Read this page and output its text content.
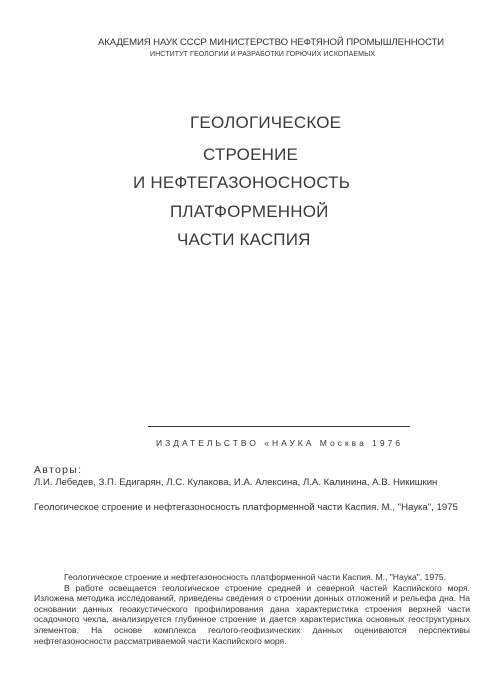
АКАДЕМИЯ НАУК СССР МИНИСТЕРСТВО НЕФТЯНОЙ ПРОМЫШЛЕННОСТИ
ИНСТИТУТ ГЕОЛОГИИ И РАЗРАБОТКИ ГОРЮЧИХ ИСКОПАЕМЫХ
ГЕОЛОГИЧЕСКОЕ
СТРОЕНИЕ
И НЕФТЕГАЗОНОСНОСТЬ
ПЛАТФОРМЕННОЙ
ЧАСТИ КАСПИЯ
ИЗДАТЕЛЬСТВО «НАУКА Москва 1976
Авторы:
Л.И. Лебедев, З.П. Едигарян, Л.С. Кулакова, И.А. Алексина, Л.А. Калинина, А.В. Никишкин
Геологическое строение и нефтегазоносность платформенной части Каспия. М., "Наука", 1975
Геологическое строение и нефтегазоносность платформенной части Каспия. М., "Наука", 1975.
В работе освещается геологическое строение средней и северной частей Каспийского моря. Изложена методика исследований, приведены сведения о строении донных отложений и рельефа дна. На основании данных геоакустического профилирования дана характеристика строения верхней части осадочного чехла, анализируется глубинное строение и дается характеристика основных геоструктурных элементов. На основе комплекса геолого-геофизических данных оцениваются перспективы нефтегазоносности рассматриваемой части Каспийского моря.
